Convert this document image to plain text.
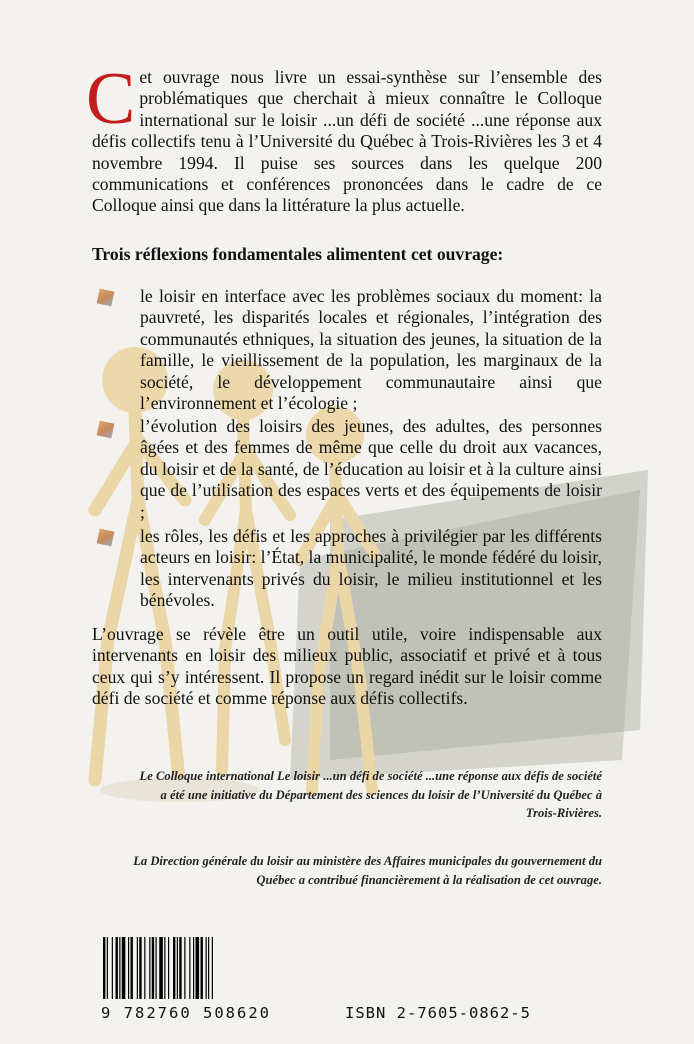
Cet ouvrage nous livre un essai-synthèse sur l’ensemble des problématiques que cherchait à mieux connaître le Colloque international sur le loisir ...un défi de société ...une réponse aux défis collectifs tenu à l’Université du Québec à Trois-Rivières les 3 et 4 novembre 1994. Il puise ses sources dans les quelque 200 communications et conférences prononcées dans le cadre de ce Colloque ainsi que dans la littérature la plus actuelle.
Trois réflexions fondamentales alimentent cet ouvrage:
le loisir en interface avec les problèmes sociaux du moment: la pauvreté, les disparités locales et régionales, l’intégration des communautés ethniques, la situation des jeunes, la situation de la famille, le vieillissement de la population, les marginaux de la société, le développement communautaire ainsi que l’environnement et l’écologie ;
l’évolution des loisirs des jeunes, des adultes, des personnes âgées et des femmes de même que celle du droit aux vacances, du loisir et de la santé, de l’éducation au loisir et à la culture ainsi que de l’utilisation des espaces verts et des équipements de loisir ;
les rôles, les défis et les approches à privilégier par les différents acteurs en loisir: l’État, la municipalité, le monde fédéré du loisir, les intervenants privés du loisir, le milieu institutionnel et les bénévoles.
L’ouvrage se révèle être un outil utile, voire indispensable aux intervenants en loisir des milieux public, associatif et privé et à tous ceux qui s’y intéressent. Il propose un regard inédit sur le loisir comme défi de société et comme réponse aux défis collectifs.
Le Colloque international Le loisir ...un défi de société ...une réponse aux défis de société a été une initiative du Département des sciences du loisir de l’Université du Québec à Trois-Rivières.
La Direction générale du loisir au ministère des Affaires municipales du gouvernement du Québec a contribué financièrement à la réalisation de cet ouvrage.
9 782760 508620	ISBN 2-7605-0862-5
